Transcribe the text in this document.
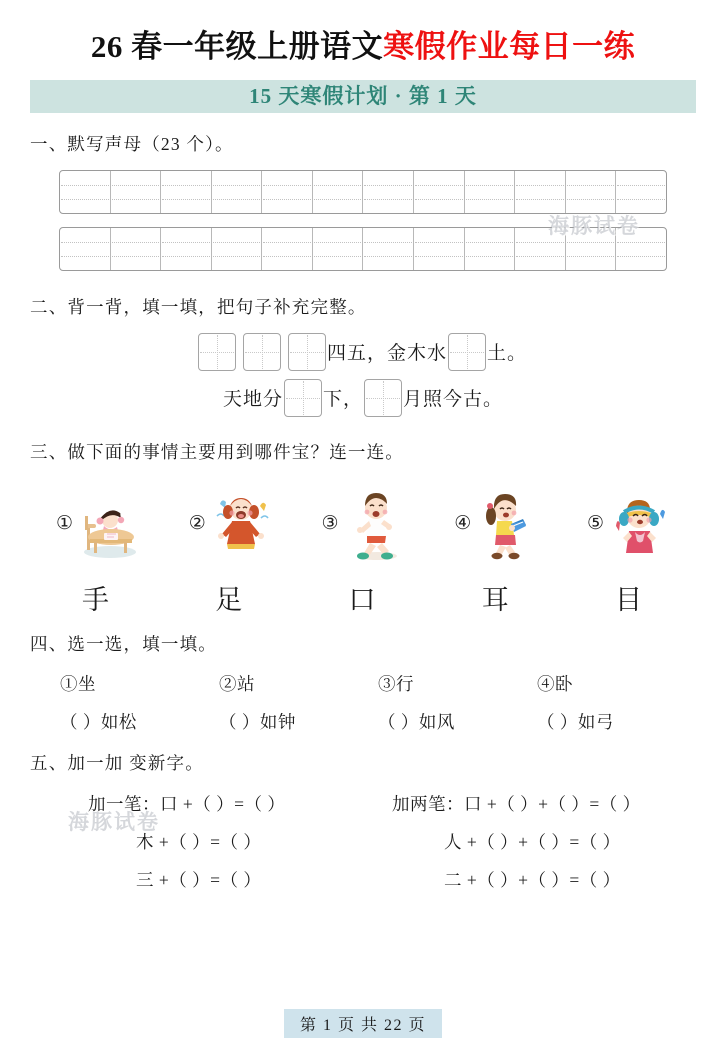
26 春一年级上册语文寒假作业每日一练
15 天寒假计划 · 第 1 天
一、默写声母（23 个）。
二、背一背，填一填，把句子补充完整。
四五，金木水 土。
天地分 下， 月照今古。
三、做下面的事情主要用到哪件宝？连一连。
①	②	③	④	⑤
手	足	口	耳	目
四、选一选，填一填。
①坐	②站	③行	④卧
（ ）如松	（ ）如钟	（ ）如风	（ ）如弓
五、加一加 变新字。
加一笔：口 +（ ）=（ ）	加两笔：口 +（ ）+（ ）=（ ）
木 +（ ）=（ ）	人 +（ ）+（ ）=（ ）
三 +（ ）=（ ）	二 +（ ）+（ ）=（ ）
海豚试卷
海豚试卷
第 1 页 共 22 页
